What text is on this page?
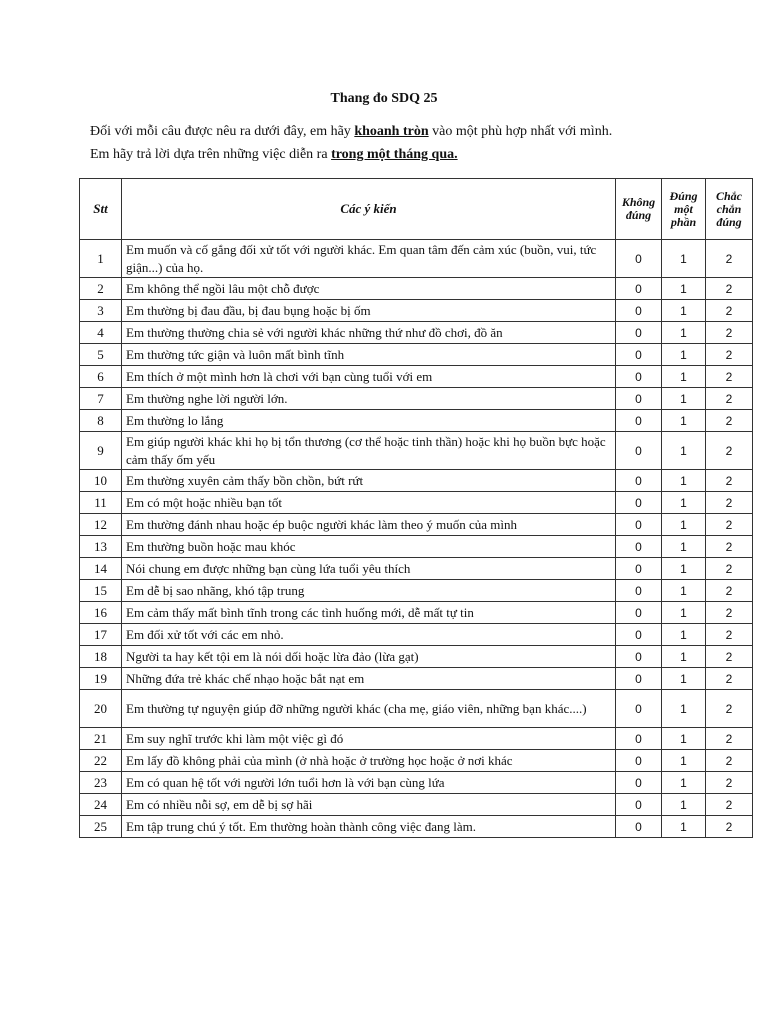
Thang đo SDQ 25
Đối với mỗi câu được nêu ra dưới đây, em hãy khoanh tròn vào một phù hợp nhất với mình.
Em hãy trả lời dựa trên những việc diễn ra trong một tháng qua.
Stt	Các ý kiến	Không đúng	Đúng một phần	Chắc chắn đúng

1	Em muốn và cố gắng đối xử tốt với người khác. Em quan tâm đến cảm xúc (buồn, vui, tức giận...) của họ.	0	1	2
2	Em không thể ngồi lâu một chỗ được	0	1	2
3	Em thường bị đau đầu, bị đau bụng hoặc bị ốm	0	1	2
4	Em thường thường chia sẻ với người khác những thứ như đồ chơi, đồ ăn	0	1	2
5	Em thường tức giận và luôn mất bình tĩnh	0	1	2
6	Em thích ở một mình hơn là chơi với bạn cùng tuổi với em	0	1	2
7	Em thường nghe lời người lớn.	0	1	2
8	Em thường lo lắng	0	1	2
9	Em giúp người khác khi họ bị tổn thương (cơ thể hoặc tinh thần) hoặc khi họ buồn bực hoặc cảm thấy ốm yếu	0	1	2
10	Em thường xuyên cảm thấy bồn chồn, bứt rứt	0	1	2
11	Em có một hoặc nhiều bạn tốt	0	1	2
12	Em thường đánh nhau hoặc ép buộc người khác làm theo ý muốn của mình	0	1	2
13	Em thường buồn hoặc mau khóc	0	1	2
14	Nói chung em được những bạn cùng lứa tuổi yêu thích	0	1	2
15	Em dễ bị sao nhãng, khó tập trung	0	1	2
16	Em cảm thấy mất bình tĩnh trong các tình huống mới, dễ mất tự tin	0	1	2
17	Em đối xử tốt với các em nhỏ.	0	1	2
18	Người ta hay kết tội em là nói dối hoặc lừa đảo (lừa gạt)	0	1	2
19	Những đứa trẻ khác chế nhạo hoặc bắt nạt em	0	1	2
20	Em thường tự nguyện giúp đỡ những người khác (cha mẹ, giáo viên, những bạn khác....)	0	1	2
21	Em suy nghĩ trước khi làm một việc gì đó	0	1	2
22	Em lấy đồ không phải của mình (ở nhà hoặc ở trường học hoặc ở nơi khác	0	1	2
23	Em có quan hệ tốt với người lớn tuổi hơn là với bạn cùng lứa	0	1	2
24	Em có nhiều nỗi sợ, em dễ bị sợ hãi	0	1	2
25	Em tập trung chú ý tốt. Em thường hoàn thành công việc đang làm.	0	1	2
